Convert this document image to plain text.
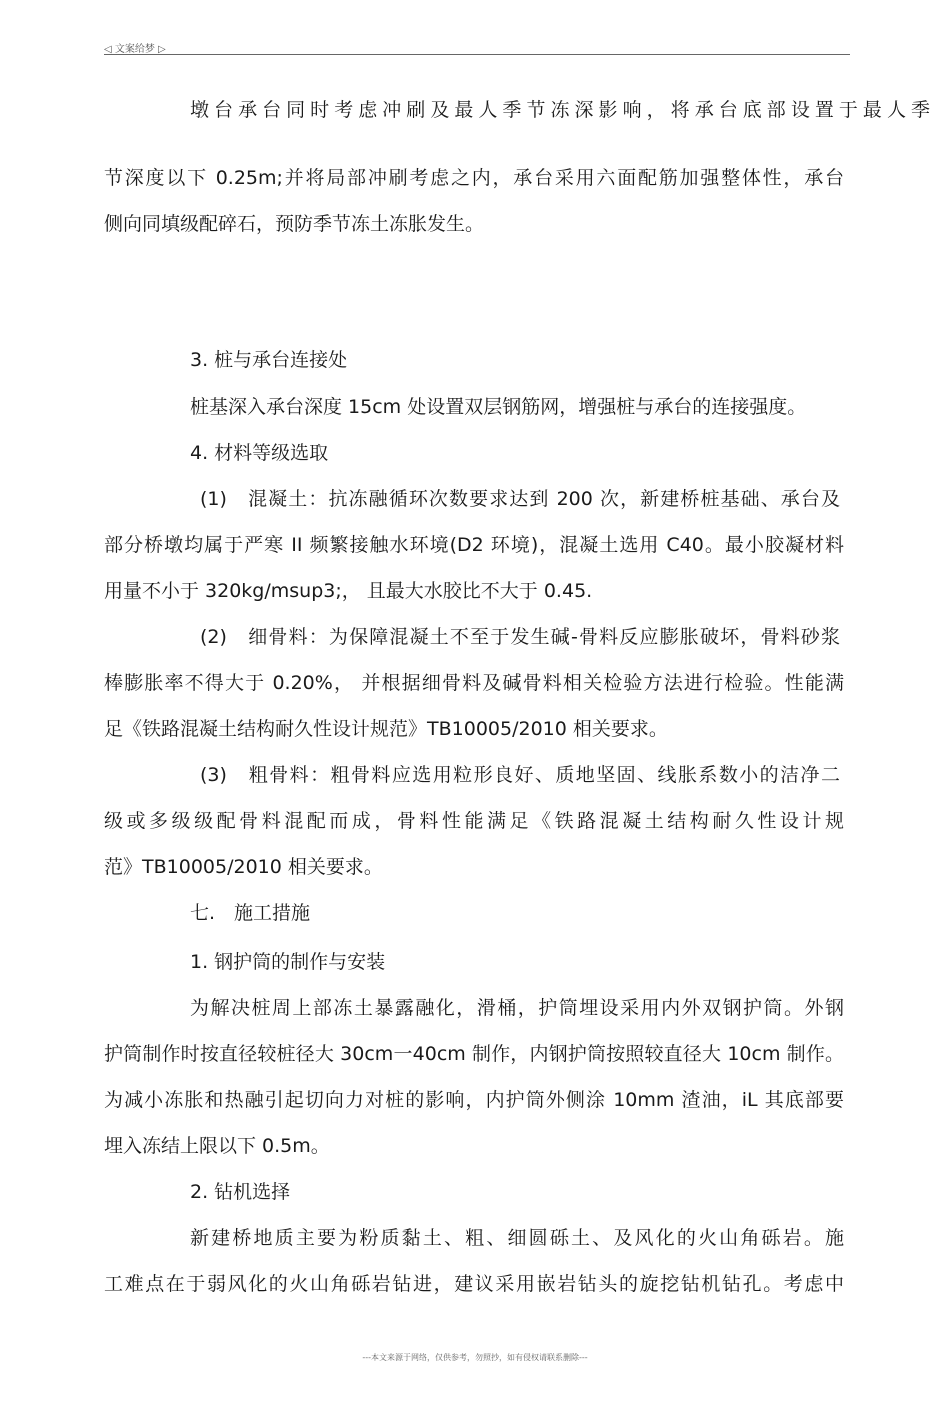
◁ 文案给梦 ▷
墩台承台同时考虑冲刷及最人季节冻深影响，将承台底部设置于最人季
节深度以下 0.25m;并将局部冲刷考虑之内，承台采用六面配筋加强整体性，承台
侧向同填级配碎石，预防季节冻土冻胀发生。
3. 桩与承台连接处
桩基深入承台深度 15cm 处设置双层钢筋网，增强桩与承台的连接强度。
4. 材料等级选取
(1)　混凝土：抗冻融循环次数要求达到 200 次，新建桥桩基础、承台及
部分桥墩均属于严寒 II 频繁接触水环境(D2 环境)，混凝土选用 C40。最小胶凝材料
用量不小于 320kg/msup3;， 且最大水胶比不大于 0.45.
(2)　细骨料：为保障混凝土不至于发生碱-骨料反应膨胀破坏，骨料砂浆
棒膨胀率不得大于 0.20%， 并根据细骨料及碱骨料相关检验方法进行检验。性能满
足《铁路混凝土结构耐久性设计规范》TB10005/2010 相关要求。
(3)　粗骨料：粗骨料应选用粒形良好、质地坚固、线胀系数小的洁净二
级或多级级配骨料混配而成，骨料性能满足《铁路混凝土结构耐久性设计规
范》TB10005/2010 相关要求。
七.　施工措施
1. 钢护筒的制作与安装
为解决桩周上部冻土暴露融化，滑桶，护筒埋设采用内外双钢护筒。外钢
护筒制作时按直径较桩径大 30cm一40cm 制作，内钢护筒按照较直径大 10cm 制作。
为减小冻胀和热融引起切向力对桩的影响，内护筒外侧涂 10mm 渣油，iL 其底部要
埋入冻结上限以下 0.5m。
2. 钻机选择
新建桥地质主要为粉质黏土、粗、细圆砾土、及风化的火山角砾岩。施
工难点在于弱风化的火山角砾岩钻进，建议采用嵌岩钻头的旋挖钻机钻孔。考虑中
---本文来源于网络，仅供参考，勿照抄，如有侵权请联系删除---
